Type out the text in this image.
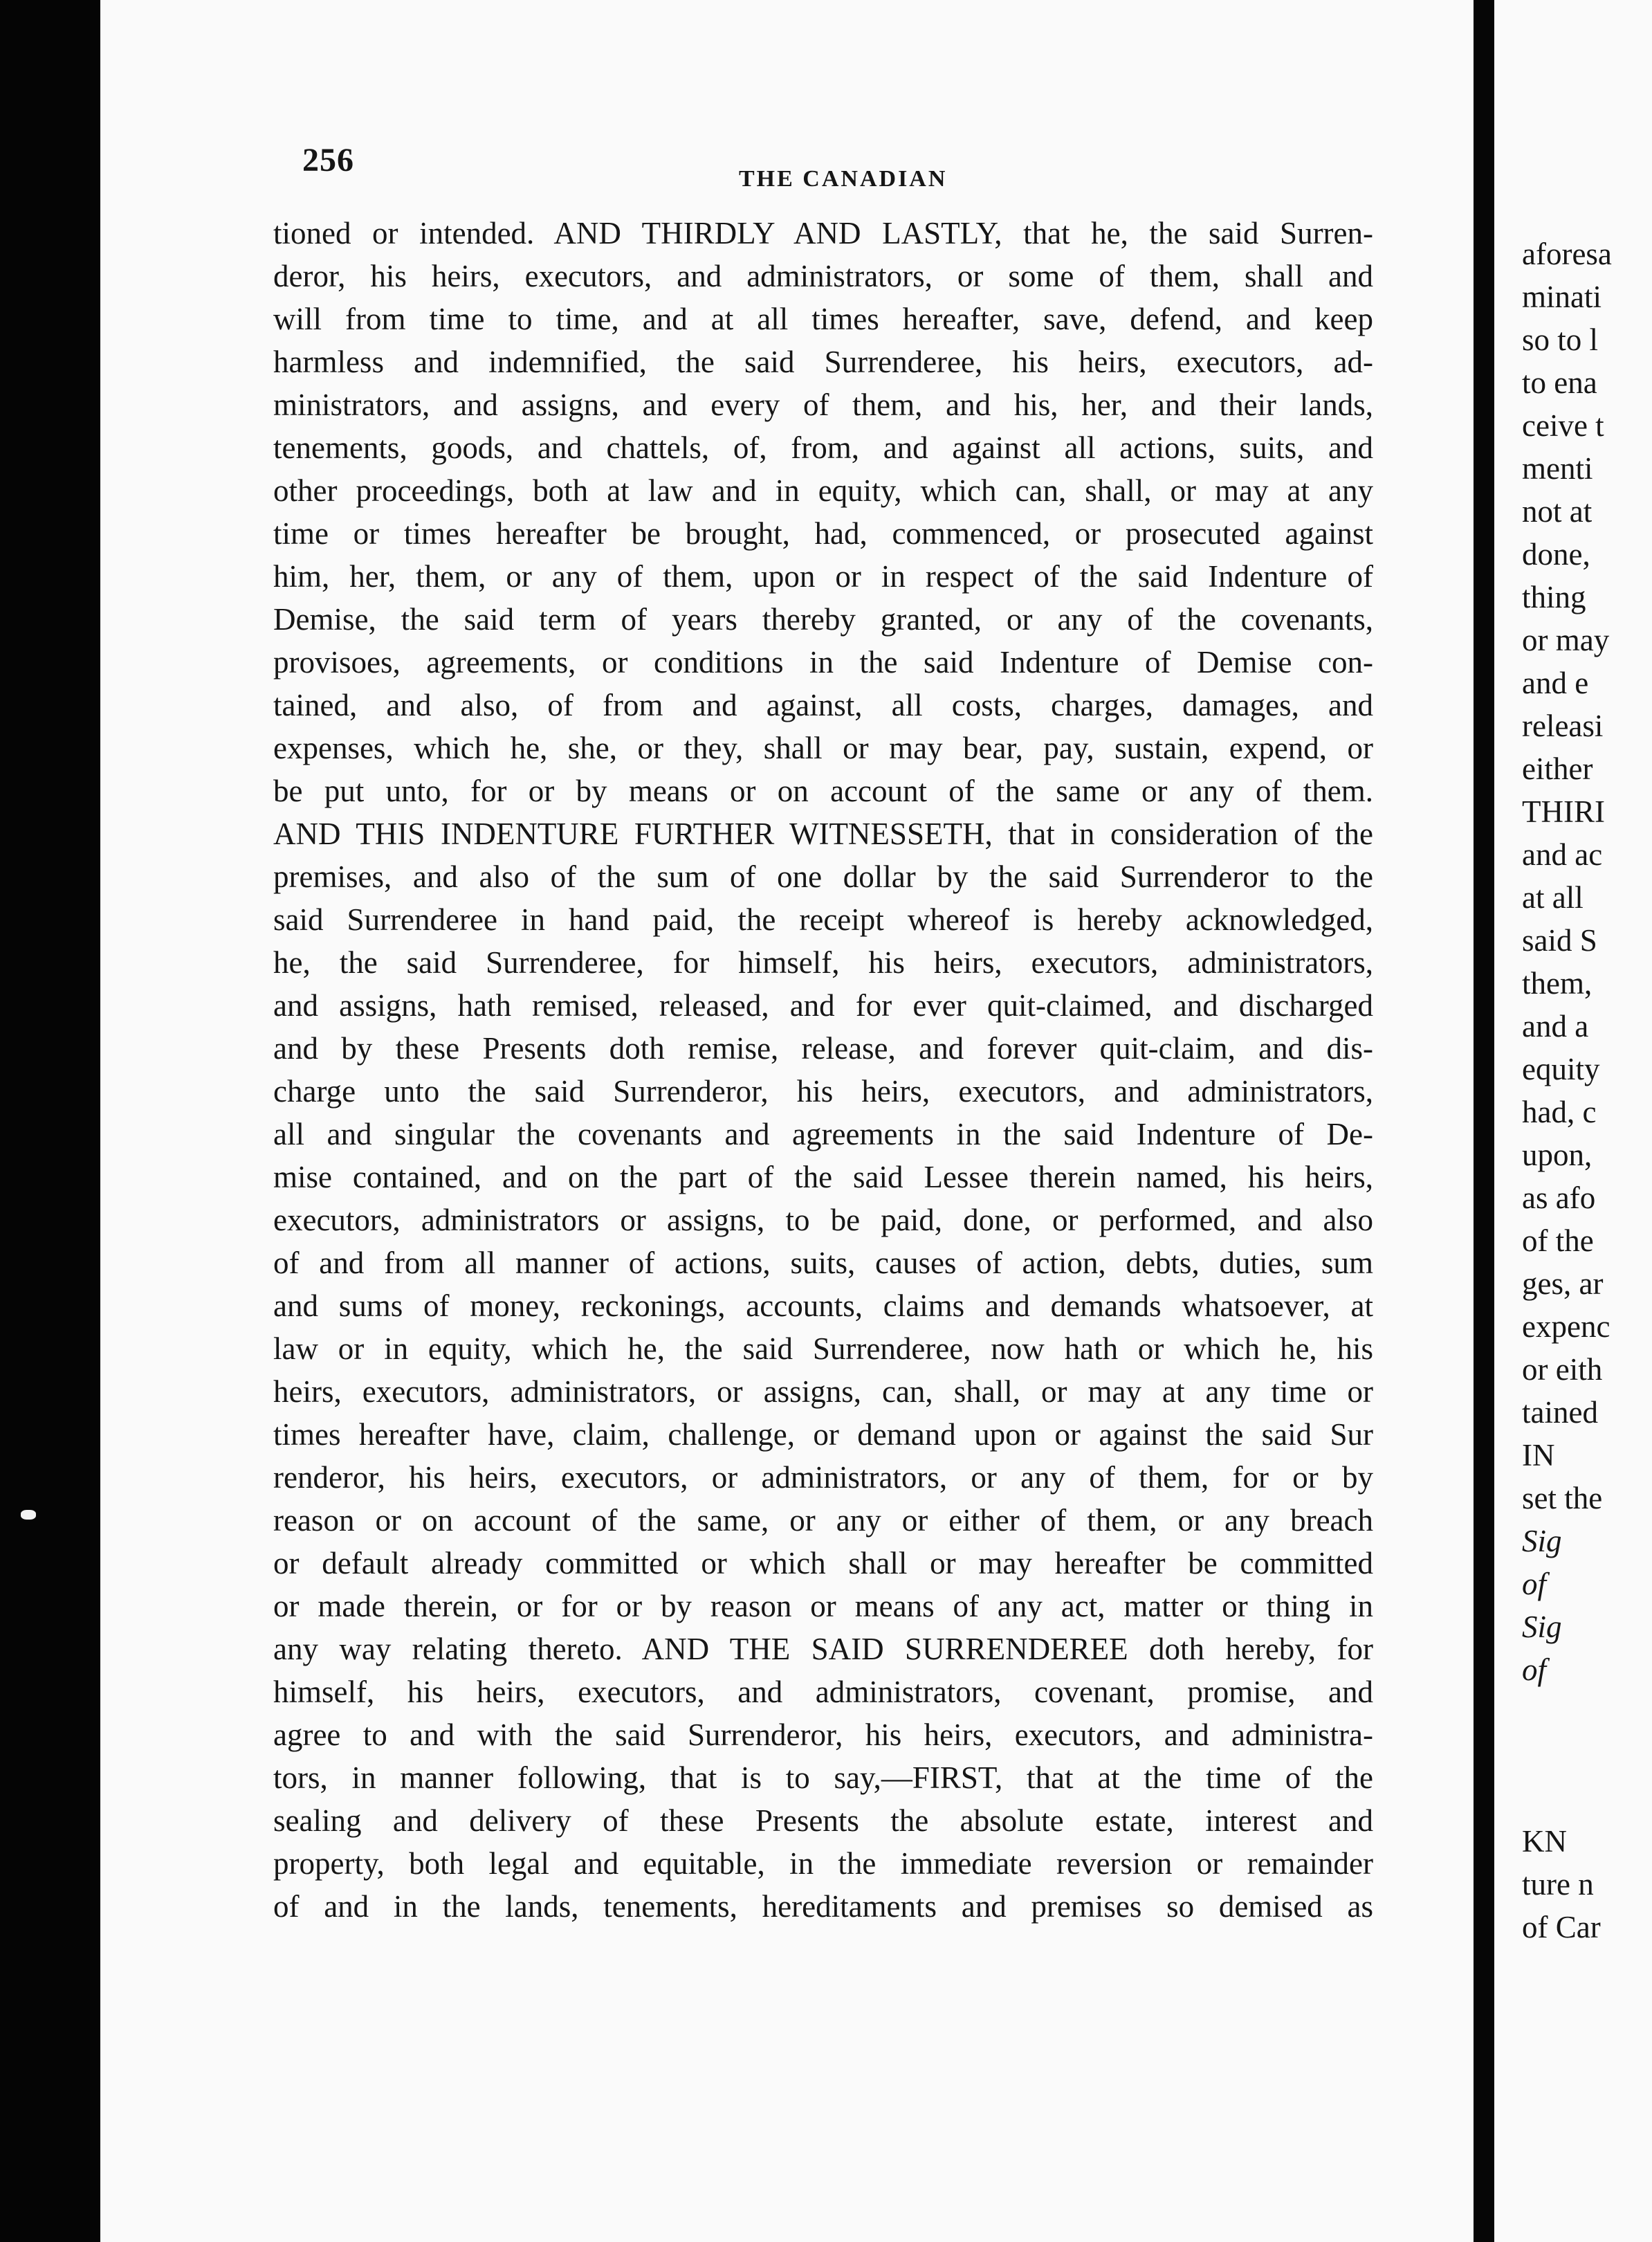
256
THE CANADIAN
tioned or intended. AND THIRDLY AND LASTLY, that he, the said Surren-
deror, his heirs, executors, and administrators, or some of them, shall and
will from time to time, and at all times hereafter, save, defend, and keep
harmless and indemnified, the said Surrenderee, his heirs, executors, ad-
ministrators, and assigns, and every of them, and his, her, and their lands,
tenements, goods, and chattels, of, from, and against all actions, suits, and
other proceedings, both at law and in equity, which can, shall, or may at any
time or times hereafter be brought, had, commenced, or prosecuted against
him, her, them, or any of them, upon or in respect of the said Indenture of
Demise, the said term of years thereby granted, or any of the covenants,
provisoes, agreements, or conditions in the said Indenture of Demise con-
tained, and also, of from and against, all costs, charges, damages, and
expenses, which he, she, or they, shall or may bear, pay, sustain, expend, or
be put unto, for or by means or on account of the same or any of them.
AND THIS INDENTURE FURTHER WITNESSETH, that in consideration of the
premises, and also of the sum of one dollar by the said Surrenderor to the
said Surrenderee in hand paid, the receipt whereof is hereby acknowledged,
he, the said Surrenderee, for himself, his heirs, executors, administrators,
and assigns, hath remised, released, and for ever quit-claimed, and discharged
and by these Presents doth remise, release, and forever quit-claim, and dis-
charge unto the said Surrenderor, his heirs, executors, and administrators,
all and singular the covenants and agreements in the said Indenture of De-
mise contained, and on the part of the said Lessee therein named, his heirs,
executors, administrators or assigns, to be paid, done, or performed, and also
of and from all manner of actions, suits, causes of action, debts, duties, sum
and sums of money, reckonings, accounts, claims and demands whatsoever, at
law or in equity, which he, the said Surrenderee, now hath or which he, his
heirs, executors, administrators, or assigns, can, shall, or may at any time or
times hereafter have, claim, challenge, or demand upon or against the said Sur
renderor, his heirs, executors, or administrators, or any of them, for or by
reason or on account of the same, or any or either of them, or any breach
or default already committed or which shall or may hereafter be committed
or made therein, or for or by reason or means of any act, matter or thing in
any way relating thereto. AND THE SAID SURRENDEREE doth hereby, for
himself, his heirs, executors, and administrators, covenant, promise, and
agree to and with the said Surrenderor, his heirs, executors, and administra-
tors, in manner following, that is to say,—FIRST, that at the time of the
sealing and delivery of these Presents the absolute estate, interest and
property, both legal and equitable, in the immediate reversion or remainder
of and in the lands, tenements, hereditaments and premises so demised as
aforesa
minati
so to l
to ena
ceive t
menti
not at
done,
thing
or may
and e
releasi
either
THIRI
and ac
at all
said S
them,
and a
equity
had, c
upon,
as afo
of the
ges, ar
expenc
or eith
tained
IN
set the
Sig
of
Sig
of
KN
ture n
of Car
